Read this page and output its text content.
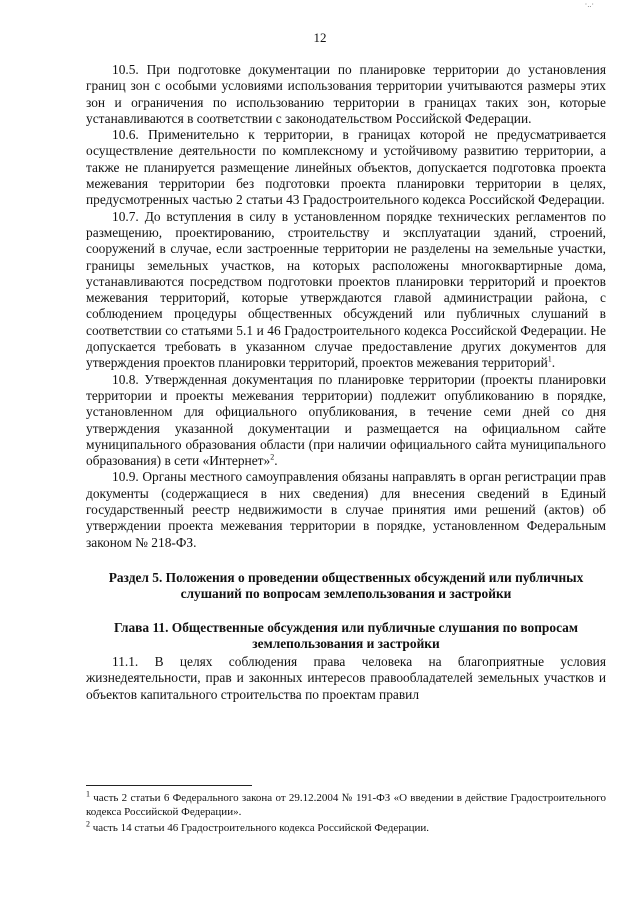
·..·
12

10.5. При подготовке документации по планировке территории до установления границ зон с особыми условиями использования территории учитываются размеры этих зон и ограничения по использованию территории в границах таких зон, которые устанавливаются в соответствии с законодательством Российской Федерации.

10.6. Применительно к территории, в границах которой не предусматривается осуществление деятельности по комплексному и устойчивому развитию территории, а также не планируется размещение линейных объектов, допускается подготовка проекта межевания территории без подготовки проекта планировки территории в целях, предусмотренных частью 2 статьи 43 Градостроительного кодекса Российской Федерации.

10.7. До вступления в силу в установленном порядке технических регламентов по размещению, проектированию, строительству и эксплуатации зданий, строений, сооружений в случае, если застроенные территории не разделены на земельные участки, границы земельных участков, на которых расположены многоквартирные дома, устанавливаются посредством подготовки проектов планировки территорий и проектов межевания территорий, которые утверждаются главой администрации района, с соблюдением процедуры общественных обсуждений или публичных слушаний в соответствии со статьями 5.1 и 46 Градостроительного кодекса Российской Федерации. Не допускается требовать в указанном случае предоставление других документов для утверждения проектов планировки территорий, проектов межевания территорий$^1$.

10.8. Утвержденная документация по планировке территории (проекты планировки территории и проекты межевания территории) подлежит опубликованию в порядке, установленном для официального опубликования, в течение семи дней со дня утверждения указанной документации и размещается на официальном сайте муниципального образования области (при наличии официального сайта муниципального образования) в сети «Интернет»$^2$.

10.9. Органы местного самоуправления обязаны направлять в орган регистрации прав документы (содержащиеся в них сведения) для внесения сведений в Единый государственный реестр недвижимости в случае принятия ими решений (актов) об утверждении проекта межевания территории в порядке, установленном Федеральным законом № 218-ФЗ.

Раздел 5. Положения о проведении общественных обсуждений или публичных слушаний по вопросам землепользования и застройки
Глава 11. Общественные обсуждения или публичные слушания по вопросам землепользования и застройки

11.1. В целях соблюдения права человека на благоприятные условия жизнедеятельности, прав и законных интересов правообладателей земельных участков и объектов капитального строительства по проектам правил

$^1$ часть 2 статьи 6 Федерального закона от 29.12.2004 № 191-ФЗ «О введении в действие Градостроительного кодекса Российской Федерации».

$^2$ часть 14 статьи 46 Градостроительного кодекса Российской Федерации.
